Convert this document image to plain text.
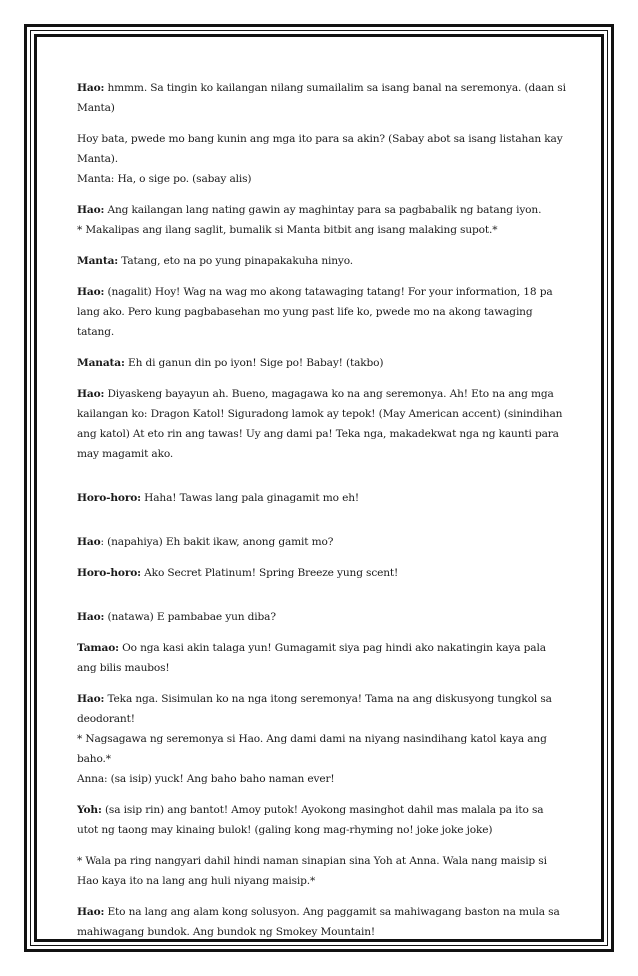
Hao: hmmm. Sa tingin ko kailangan nilang sumailalim sa isang banal na seremonya. (daan si Manta)

Hoy bata, pwede mo bang kunin ang mga ito para sa akin? (Sabay abot sa isang listahan kay Manta).
Manta: Ha, o sige po. (sabay alis)

Hao: Ang kailangan lang nating gawin ay maghintay para sa pagbabalik ng batang iyon.
* Makalipas ang ilang saglit, bumalik si Manta bitbit ang isang malaking supot.*

Manta: Tatang, eto na po yung pinapakakuha ninyo.

Hao: (nagalit) Hoy! Wag na wag mo akong tatawaging tatang! For your information, 18 pa lang ako. Pero kung pagbabasehan mo yung past life ko, pwede mo na akong tawaging tatang.

Manata: Eh di ganun din po iyon! Sige po! Babay! (takbo)

Hao: Diyaskeng bayayun ah. Bueno, magagawa ko na ang seremonya. Ah! Eto na ang mga kailangan ko: Dragon Katol! Siguradong lamok ay tepok! (May American accent) (sinindihan ang katol) At eto rin ang tawas! Uy ang dami pa! Teka nga, makadekwat nga ng kaunti para may magamit ako.

Horo-horo: Haha! Tawas lang pala ginagamit mo eh!

Hao: (napahiya) Eh bakit ikaw, anong gamit mo?

Horo-horo: Ako Secret Platinum! Spring Breeze yung scent!

Hao: (natawa) E pambabae yun diba?

Tamao: Oo nga kasi akin talaga yun! Gumagamit siya pag hindi ako nakatingin kaya pala ang bilis maubos!

Hao: Teka nga. Sisimulan ko na nga itong seremonya! Tama na ang diskusyong tungkol sa deodorant!
* Nagsagawa ng seremonya si Hao. Ang dami dami na niyang nasindihang katol kaya ang baho.*
Anna: (sa isip) yuck! Ang baho baho naman ever!

Yoh: (sa isip rin) ang bantot! Amoy putok! Ayokong masinghot dahil mas malala pa ito sa utot ng taong may kinaing bulok! (galing kong mag-rhyming no! joke joke joke)

* Wala pa ring nangyari dahil hindi naman sinapian sina Yoh at Anna. Wala nang maisip si Hao kaya ito na lang ang huli niyang maisip.*

Hao: Eto na lang ang alam kong solusyon. Ang paggamit sa mahiwagang baston na mula sa mahiwagang bundok. Ang bundok ng Smokey Mountain!
